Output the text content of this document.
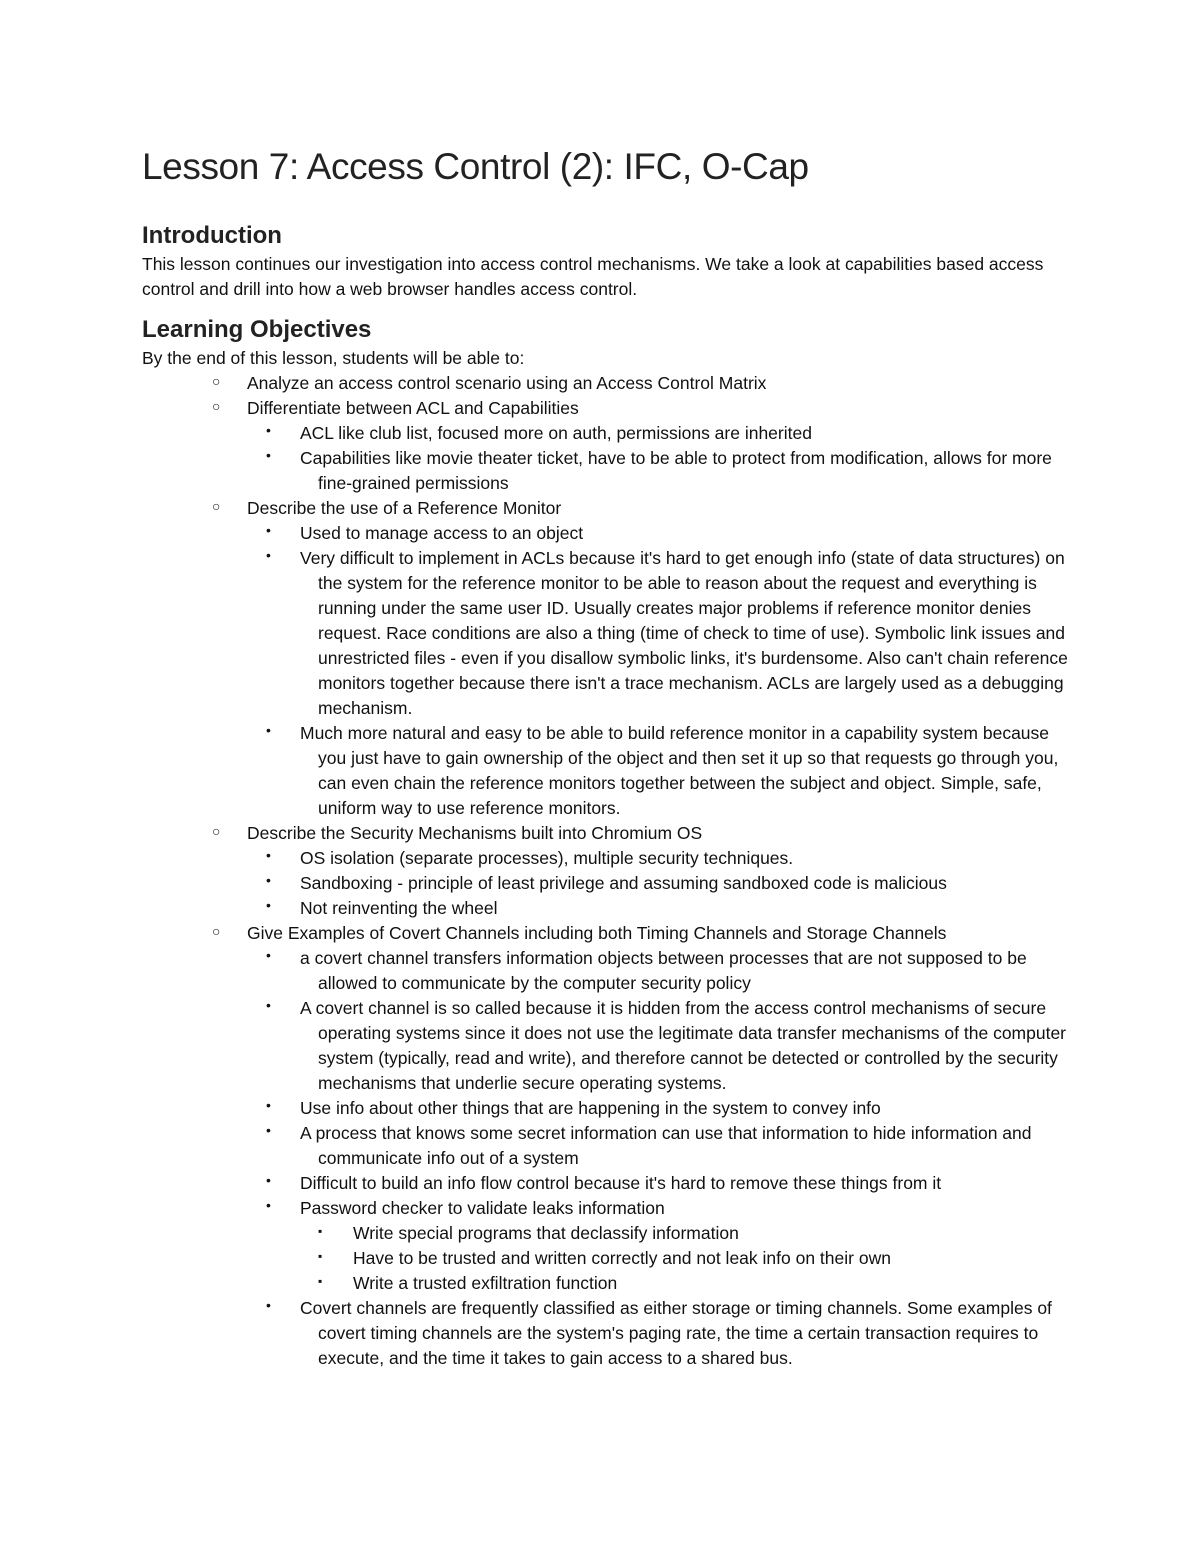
Lesson 7: Access Control (2): IFC, O-Cap
Introduction

This lesson continues our investigation into access control mechanisms. We take a look at capabilities based access control and drill into how a web browser handles access control.

Learning Objectives

By the end of this lesson, students will be able to:

○ Analyze an access control scenario using an Access Control Matrix
○ Differentiate between ACL and Capabilities
• ACL like club list, focused more on auth, permissions are inherited
• Capabilities like movie theater ticket, have to be able to protect from modification, allows for more fine-grained permissions
○ Describe the use of a Reference Monitor
• Used to manage access to an object
• Very difficult to implement in ACLs because it's hard to get enough info (state of data structures) on the system for the reference monitor to be able to reason about the request and everything is running under the same user ID. Usually creates major problems if reference monitor denies request. Race conditions are also a thing (time of check to time of use). Symbolic link issues and unrestricted files - even if you disallow symbolic links, it's burdensome. Also can't chain reference monitors together because there isn't a trace mechanism. ACLs are largely used as a debugging mechanism.
• Much more natural and easy to be able to build reference monitor in a capability system because you just have to gain ownership of the object and then set it up so that requests go through you, can even chain the reference monitors together between the subject and object. Simple, safe, uniform way to use reference monitors.
○ Describe the Security Mechanisms built into Chromium OS
• OS isolation (separate processes), multiple security techniques.
• Sandboxing - principle of least privilege and assuming sandboxed code is malicious
• Not reinventing the wheel
○ Give Examples of Covert Channels including both Timing Channels and Storage Channels
• a covert channel transfers information objects between processes that are not supposed to be allowed to communicate by the computer security policy
• A covert channel is so called because it is hidden from the access control mechanisms of secure operating systems since it does not use the legitimate data transfer mechanisms of the computer system (typically, read and write), and therefore cannot be detected or controlled by the security mechanisms that underlie secure operating systems.
• Use info about other things that are happening in the system to convey info
• A process that knows some secret information can use that information to hide information and communicate info out of a system
• Difficult to build an info flow control because it's hard to remove these things from it
• Password checker to validate leaks information
▪ Write special programs that declassify information
▪ Have to be trusted and written correctly and not leak info on their own
▪ Write a trusted exfiltration function
• Covert channels are frequently classified as either storage or timing channels. Some examples of covert timing channels are the system's paging rate, the time a certain transaction requires to execute, and the time it takes to gain access to a shared bus.
